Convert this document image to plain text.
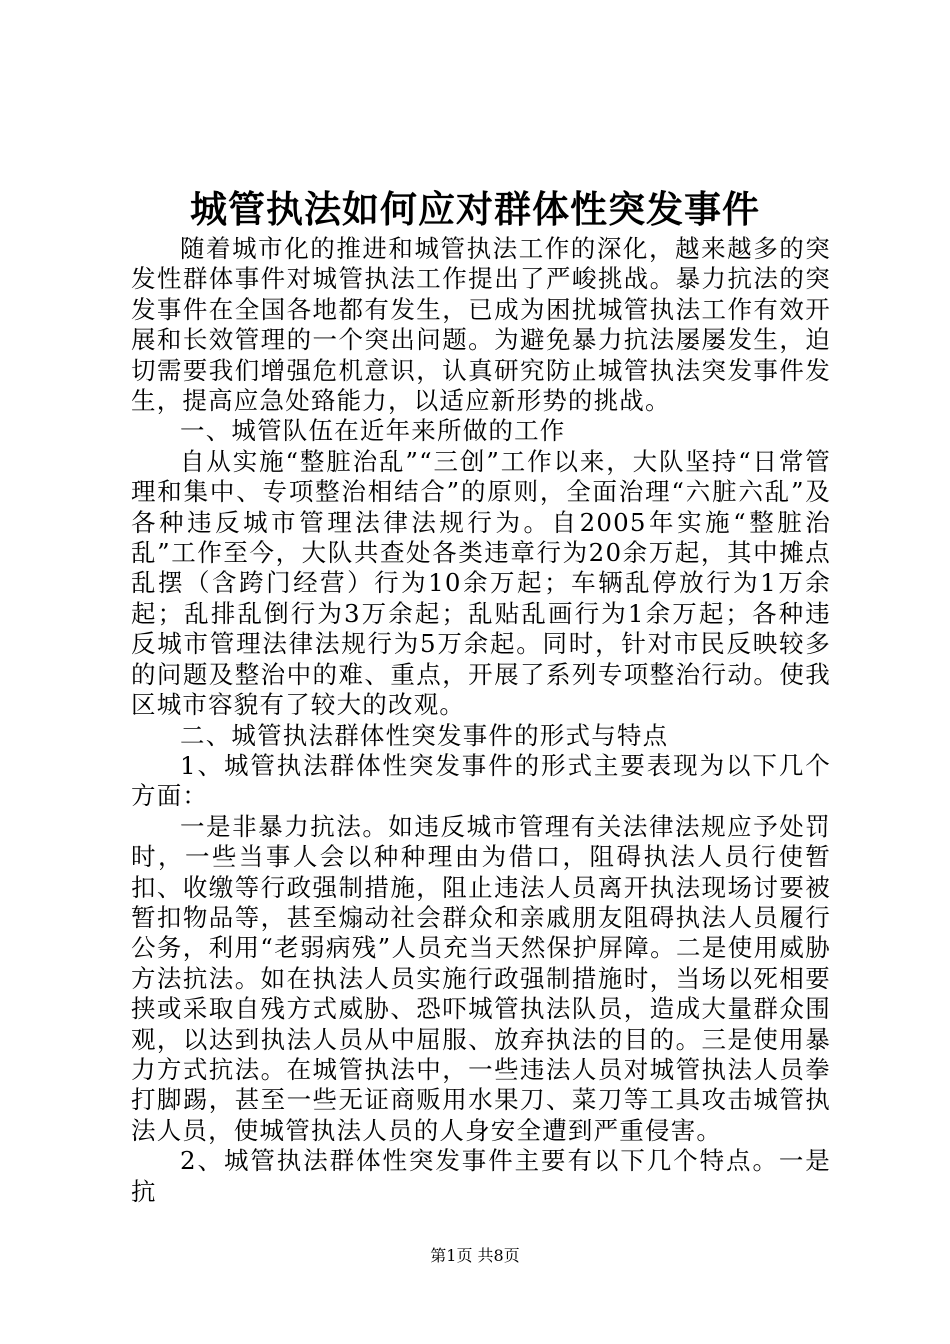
城管执法如何应对群体性突发事件

随着城市化的推进和城管执法工作的深化，越来越多的突发性群体事件对城管执法工作提出了严峻挑战。暴力抗法的突发事件在全国各地都有发生，已成为困扰城管执法工作有效开展和长效管理的一个突出问题。为避免暴力抗法屡屡发生，迫切需要我们增强危机意识，认真研究防止城管执法突发事件发生，提高应急处臵能力，以适应新形势的挑战。

一、城管队伍在近年来所做的工作

自从实施“整脏治乱”“三创”工作以来，大队坚持“日常管理和集中、专项整治相结合”的原则，全面治理“六脏六乱”及各种违反城市管理法律法规行为。自2005年实施“整脏治乱”工作至今，大队共查处各类违章行为20余万起，其中摊点乱摆（含跨门经营）行为10余万起；车辆乱停放行为1万余起；乱排乱倒行为3万余起；乱贴乱画行为1余万起；各种违反城市管理法律法规行为5万余起。同时，针对市民反映较多的问题及整治中的难、重点，开展了系列专项整治行动。使我区城市容貌有了较大的改观。

二、城管执法群体性突发事件的形式与特点

1、城管执法群体性突发事件的形式主要表现为以下几个方面：

一是非暴力抗法。如违反城市管理有关法律法规应予处罚时，一些当事人会以种种理由为借口，阻碍执法人员行使暂扣、收缴等行政强制措施，阻止违法人员离开执法现场讨要被暂扣物品等，甚至煽动社会群众和亲戚朋友阻碍执法人员履行公务，利用“老弱病残”人员充当天然保护屏障。二是使用威胁方法抗法。如在执法人员实施行政强制措施时，当场以死相要挟或采取自残方式威胁、恐吓城管执法队员，造成大量群众围观，以达到执法人员从中屈服、放弃执法的目的。三是使用暴力方式抗法。在城管执法中，一些违法人员对城管执法人员拳打脚踢，甚至一些无证商贩用水果刀、菜刀等工具攻击城管执法人员，使城管执法人员的人身安全遭到严重侵害。

2、城管执法群体性突发事件主要有以下几个特点。一是抗

第1页 共8页
